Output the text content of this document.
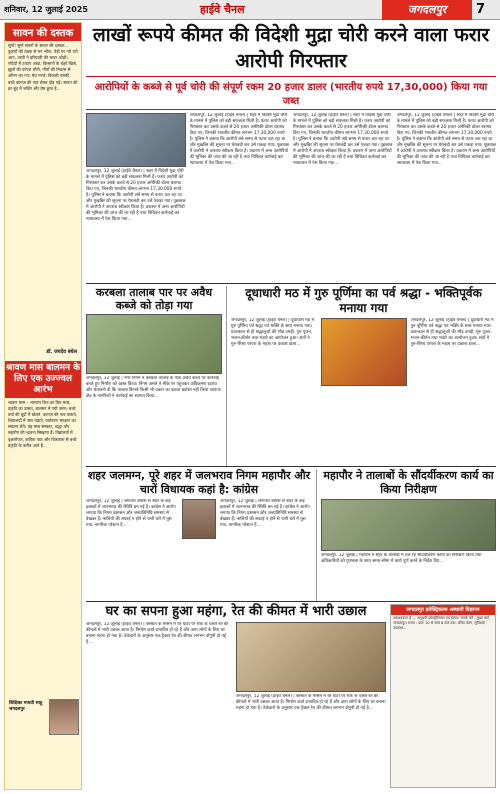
शनिवार, 12 जुलाई 2025	हाईवे चैनल	जगदलपुर	7
सावन की दस्तक
सुनो! सुनो सपनों के सावन की दस्तक... फुहारों की ठंडक से मन भीगा, पेड़ों पर नये पत्ते आए, धरती ने हरियाली की चादर ओढ़ी। नदियों में उफान आया, किसानों के चेहरे खिले, झूलों की परंपरा लौटी, गीतों की मिठास से आँगन भर गए। मेघ गरजे, बिजली चमकी, बच्चे कागज़ की नाव लेकर दौड़ पड़े। सावन की हर बूंद में भक्ति और प्रेम छुपा है...
डॉ. जयदेव बघेल
श्रावण मास बालमन के लिए एक उज्ज्वल आरंभ
श्रावण मास – भगवान शिव का प्रिय मास, प्रकृति का उत्सव, बालमन में नयी उमंग। बच्चे वर्षा की बूंदों में खेलते, कागज़ की नाव चलाते, शिवालयों में जल चढ़ाते, पर्यावरण संरक्षण का संकल्प लेते। यह मास संस्कार, श्रद्धा और सहयोग की भावना सिखाता है। विद्यालयों में वृक्षारोपण, कविता पाठ और चित्रकला से बच्चे प्रकृति के करीब आते हैं...
शिक्षिका माधवी साहू जगदलपुर
लाखों रूपये कीमत की विदेशी मुद्रा चोरी करने वाला फरार आरोपी गिरफ्तार
आरोपियों के कब्जे से पूर्व चोरी की संपूर्ण रकम 20 हजार डालर (भारतीय रुपये 17,30,000) किया गया जब्त
जगदलपुर, 12 जुलाई (हाईवे चैनल) | शहर में विदेशी मुद्रा चोरी के मामले में पुलिस को बड़ी सफलता मिली है। फरार आरोपी को गिरफ्तार कर उसके कब्जे से 20 हजार अमेरिकी डॉलर बरामद किए गए, जिनकी भारतीय कीमत लगभग 17,30,000 रुपये है। पुलिस ने बताया कि आरोपी लंबे समय से फरार चल रहा था और मुखबिर की सूचना पर घेराबंदी कर उसे पकड़ा गया। पूछताछ में आरोपी ने अपराध स्वीकार किया है। प्रकरण में अन्य आरोपियों की भूमिका की जांच की जा रही है तथा विधिवत कार्रवाई कर न्यायालय में पेश किया गया...
जगदलपुर, 12 जुलाई (हाईवे चैनल) | शहर में विदेशी मुद्रा चोरी के मामले में पुलिस को बड़ी सफलता मिली है। फरार आरोपी को गिरफ्तार कर उसके कब्जे से 20 हजार अमेरिकी डॉलर बरामद किए गए, जिनकी भारतीय कीमत लगभग 17,30,000 रुपये है। पुलिस ने बताया कि आरोपी लंबे समय से फरार चल रहा था और मुखबिर की सूचना पर घेराबंदी कर उसे पकड़ा गया। पूछताछ में आरोपी ने अपराध स्वीकार किया है। प्रकरण में अन्य आरोपियों की भूमिका की जांच की जा रही है तथा विधिवत कार्रवाई कर न्यायालय में पेश किया गया...
जगदलपुर, 12 जुलाई (हाईवे चैनल) | शहर में विदेशी मुद्रा चोरी के मामले में पुलिस को बड़ी सफलता मिली है। फरार आरोपी को गिरफ्तार कर उसके कब्जे से 20 हजार अमेरिकी डॉलर बरामद किए गए, जिनकी भारतीय कीमत लगभग 17,30,000 रुपये है। पुलिस ने बताया कि आरोपी लंबे समय से फरार चल रहा था और मुखबिर की सूचना पर घेराबंदी कर उसे पकड़ा गया। पूछताछ में आरोपी ने अपराध स्वीकार किया है। प्रकरण में अन्य आरोपियों की भूमिका की जांच की जा रही है तथा विधिवत कार्रवाई कर न्यायालय में पेश किया गया...
जगदलपुर, 12 जुलाई (हाईवे चैनल) | शहर में विदेशी मुद्रा चोरी के मामले में पुलिस को बड़ी सफलता मिली है। फरार आरोपी को गिरफ्तार कर उसके कब्जे से 20 हजार अमेरिकी डॉलर बरामद किए गए, जिनकी भारतीय कीमत लगभग 17,30,000 रुपये है। पुलिस ने बताया कि आरोपी लंबे समय से फरार चल रहा था और मुखबिर की सूचना पर घेराबंदी कर उसे पकड़ा गया। पूछताछ में आरोपी ने अपराध स्वीकार किया है। प्रकरण में अन्य आरोपियों की भूमिका की जांच की जा रही है तथा विधिवत कार्रवाई कर न्यायालय में पेश किया गया...
करबला तालाब पार पर अवैध कब्जे को तोड़ा गया
जगदलपुर, 12 जुलाई | नगर निगम ने करबला तालाब के पास अवैध कब्जे पर कार्रवाई करते हुए निर्माण को ध्वस्त किया। निगम अमले ने मौके पर पहुंचकर अतिक्रमण हटाया और चेतावनी दी कि तालाब किनारे किसी भी प्रकार का कब्जा बर्दाश्त नहीं किया जाएगा। क्षेत्र के नागरिकों ने कार्रवाई का स्वागत किया...
दूधाधारी मठ में गुरु पूर्णिमा का पर्व श्रद्धा - भक्तिपूर्वक मनाया गया
जगदलपुर, 12 जुलाई (हाईवे चैनल) | दूधाधारी मठ में गुरु पूर्णिमा पर्व श्रद्धा एवं भक्ति के साथ मनाया गया। प्रातःकाल से ही श्रद्धालुओं की भीड़ उमड़ी, गुरु पूजन, भजन-कीर्तन तथा भंडारे का आयोजन हुआ। संतों ने गुरु-शिष्य परंपरा के महत्व पर प्रकाश डाला...
जगदलपुर, 12 जुलाई (हाईवे चैनल) | दूधाधारी मठ में गुरु पूर्णिमा पर्व श्रद्धा एवं भक्ति के साथ मनाया गया। प्रातःकाल से ही श्रद्धालुओं की भीड़ उमड़ी, गुरु पूजन, भजन-कीर्तन तथा भंडारे का आयोजन हुआ। संतों ने गुरु-शिष्य परंपरा के महत्व पर प्रकाश डाला...
शहर जलमग्न, पूरे शहर में जलभराव निगम महापौर और चारों विधायक कहां है: कांग्रेस
जगदलपुर, 12 जुलाई | लगातार बारिश से शहर के कई इलाकों में जलभराव की स्थिति बन गई है। कांग्रेस ने आरोप लगाया कि निगम प्रशासन और जनप्रतिनिधि समस्या से बेखबर हैं। नालियों की सफाई न होने से पानी घरों में घुस गया, नागरिक परेशान हैं...
जगदलपुर, 12 जुलाई | लगातार बारिश से शहर के कई इलाकों में जलभराव की स्थिति बन गई है। कांग्रेस ने आरोप लगाया कि निगम प्रशासन और जनप्रतिनिधि समस्या से बेखबर हैं। नालियों की सफाई न होने से पानी घरों में घुस गया, नागरिक परेशान हैं...
महापौर ने तालाबों के सौंदर्यीकरण कार्य का किया निरीक्षण
जगदलपुर, 12 जुलाई | महापौर ने शहर के तालाबों में चल रहे सौंदर्यीकरण कार्यों का निरीक्षण किया तथा अधिकारियों को गुणवत्ता के साथ समय-सीमा में कार्य पूर्ण करने के निर्देश दिए...
घर का सपना हुआ महंगा, रेत की कीमत में भारी उछाल
जगदलपुर, 12 जुलाई (हाईवे चैनल) | बरसात के मौसम में रेत घाटों पर रोक के चलते रेत की कीमतों में भारी उछाल आया है। निर्माण कार्य प्रभावित हो रहे हैं और आम लोगों के लिए घर बनाना महंगा हो गया है। ठेकेदारों के अनुसार एक ट्रैक्टर रेत की कीमत लगभग दोगुनी हो गई है...
जगदलपुर, 12 जुलाई (हाईवे चैनल) | बरसात के मौसम में रेत घाटों पर रोक के चलते रेत की कीमतों में भारी उछाल आया है। निर्माण कार्य प्रभावित हो रहे हैं और आम लोगों के लिए घर बनाना महंगा हो गया है। ठेकेदारों के अनुसार एक ट्रैक्टर रेत की कीमत लगभग दोगुनी हो गई है...
जगदलपुर इलेक्ट्रिकल्स अस्थायी विज्ञापन
आवश्यकता है — अनुभवी इलेक्ट्रीशियन एवं हेल्पर। संपर्क करें : मुख्य मार्ग, जगदलपुर। समय : प्रातः 10 से सायं 6 बजे तक। उचित वेतन, सुविधाएँ उपलब्ध...
